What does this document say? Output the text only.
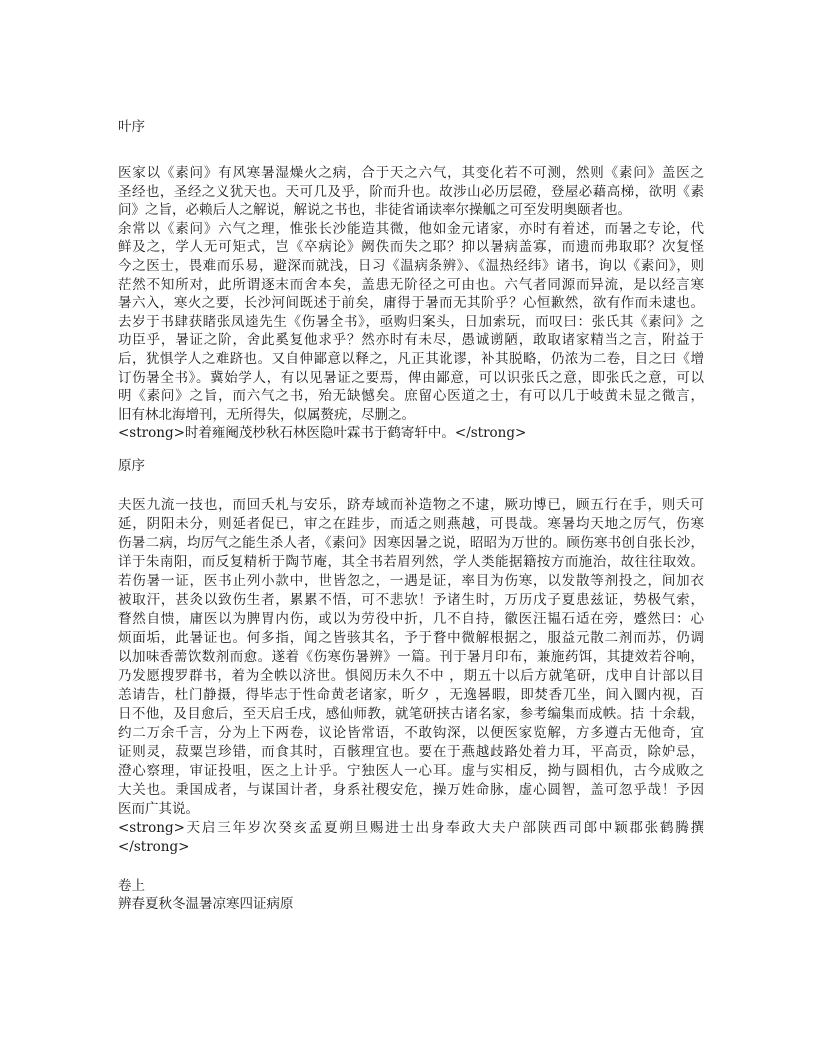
叶序
医家以《素问》有风寒暑湿燥火之病，合于天之六气，其变化若不可测，然则《素问》盖医之
圣经也，圣经之义犹天也。天可几及乎，阶而升也。故涉山必历层磴，登屋必藉高梯，欲明《素
问》之旨，必赖后人之解说，解说之书也，非徒省诵读率尔操觚之可至发明奥颐者也。
余常以《素问》六气之理，惟张长沙能造其微，他如金元诸家，亦时有着述，而暑之专论，代
鲜及之，学人无可矩式，岂《卒病论》阙佚而失之耶？抑以暑病盖寡，而遗而弗取耶？次复怪
今之医士，畏难而乐易，避深而就浅，日习《温病条辨》、《温热经纬》诸书，询以《素问》，则
茫然不知所对，此所谓逐末而舍本矣，盖患无阶径之可由也。六气者同源而异流，是以经言寒
暑六入，寒火之要，长沙河间既述于前矣，庸得于暑而无其阶乎？心恒歉然，欲有作而未逮也。
去岁于书肆获睹张凤逵先生《伤暑全书》，亟购归案头，日加索玩，而叹曰：张氏其《素问》之
功臣乎，暑证之阶，舍此奚复他求乎？然亦时有未尽，愚诚谫陋，敢取诸家精当之言，附益于
后，犹惧学人之难跻也。又自伸鄙意以释之，凡正其讹谬，补其脱略，仍浓为二卷，目之曰《增
订伤暑全书》。冀始学人，有以见暑证之要焉，俾由鄙意，可以识张氏之意，即张氏之意，可以
明《素问》之旨，而六气之书，殆无缺憾矣。庶留心医道之士，有可以几于岐黄未显之微言，
旧有林北海增刊，无所得失，似属赘疣，尽删之。
<strong>时着雍阉茂杪秋石林医隐叶霖书于鹤寄轩中。</strong>
原序
夫医九流一技也，而回夭札与安乐，跻寿域而补造物之不逮，厥功博已，顾五行在手，则夭可
延，阴阳未分，则延者促已，审之在跬步，而适之则燕越，可畏哉。寒暑均天地之厉气，伤寒
伤暑二病，均厉气之能生杀人者，《素问》因寒因暑之说，昭昭为万世的。顾伤寒书创自张长沙，
详于朱南阳，而反复精析于陶节庵，其全书若眉列然，学人类能据籍按方而施治，故往往取效。
若伤暑一证，医书止列小款中，世皆忽之，一遇是证，率目为伤寒，以发散等剂投之，间加衣
被取汗，甚灸以致伤生者，累累不悟，可不悲欤！予诸生时，万历戊子夏患兹证，势极气索，
瞀然自愦，庸医以为脾胃内伤，或以为劳役中折，几不自持，徽医汪韫石适在旁，蹙然曰：心
烦面垢，此暑证也。何多指，闻之皆骇其名，予于瞀中微解根据之，服益元散二剂而苏，仍调
以加味香薷饮数剂而愈。遂着《伤寒伤暑辨》一篇。刊于暑月印布，兼施药饵，其捷效若谷响，
乃发愿搜罗群书，着为全帙以济世。惧阅历未久不中 ，期五十以后方就笔研，戊申自计部以目
恙请告，杜门静摄，得毕志于性命黄老诸家，昕夕 ，无逸晷暇，即焚香兀坐，间入圜内视，百
日不他，及目愈后，至天启壬戌，感仙师教，就笔研挟古诸名家，参考编集而成帙。拮 十余载，
约二万余千言，分为上下两卷，议论皆常语，不敢钩深，以便医家览解，方多遵古无他奇，宜
证则灵，菽粟岂珍错，而食其时，百骸理宜也。要在于燕越歧路处着力耳，平高贡，除妒忌，
澄心察理，审证投咀，医之上计乎。宁独医人一心耳。虚与实相反，拗与圆相仇，古今成败之
大关也。秉国成者，与谋国计者，身系社稷安危，操万姓命脉，虚心圆智，盖可忽乎哉！予因
医而广其说。
<strong>天启三年岁次癸亥孟夏朔旦赐进士出身奉政大夫户部陕西司郎中颖郡张鹤腾撰
</strong>
卷上
辨春夏秋冬温暑凉寒四证病原
